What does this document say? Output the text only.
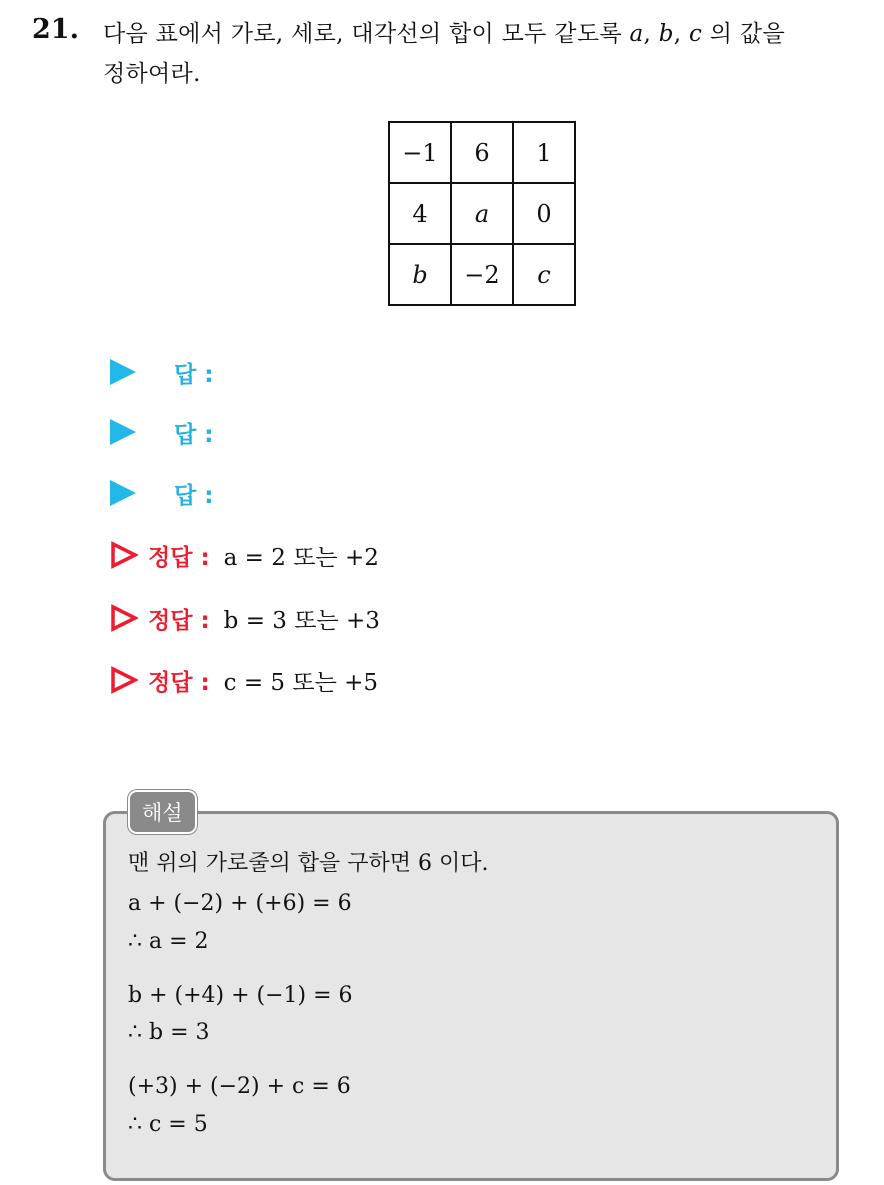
21. 다음 표에서 가로, 세로, 대각선의 합이 모두 같도록 a, b, c 의 값을
정하여라.
−1	6	1
4	a	0
b	−2	c
답 :
답 :
답 :
정답 : a = 2 또는 +2
정답 : b = 3 또는 +3
정답 : c = 5 또는 +5
해설
맨 위의 가로줄의 합을 구하면 6 이다.
a + (−2) + (+6) = 6
∴ a = 2
b + (+4) + (−1) = 6
∴ b = 3
(+3) + (−2) + c = 6
∴ c = 5
